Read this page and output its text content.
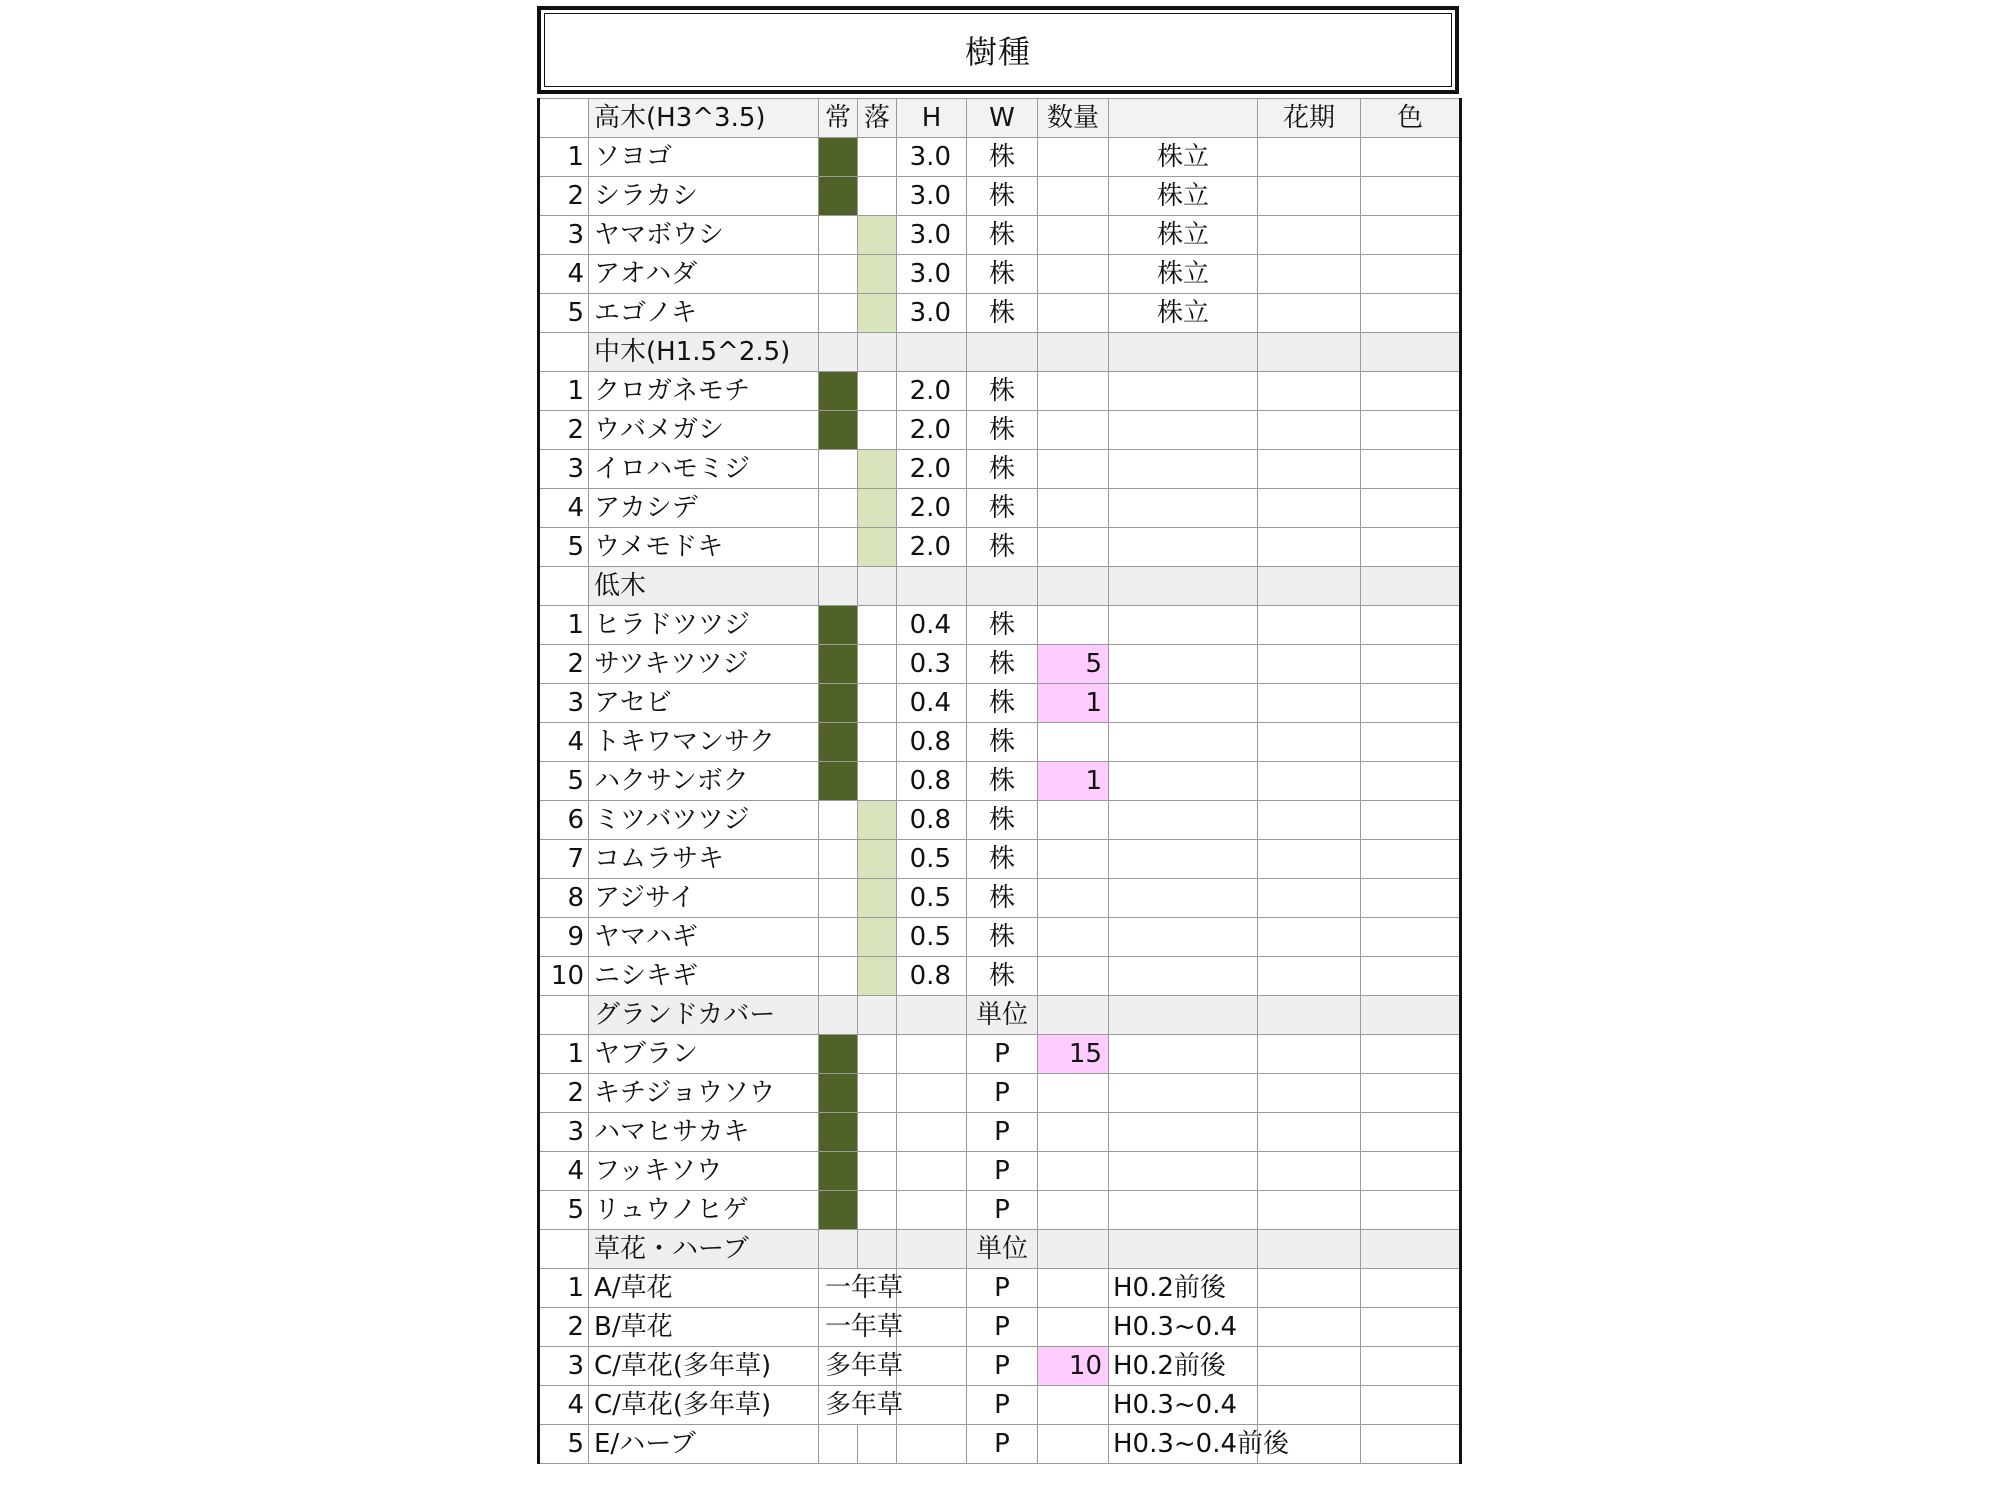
樹種
	高木(H3^3.5)	常	落	H	W	数量		花期	色
1	ソヨゴ			3.0	株		株立		
2	シラカシ			3.0	株		株立		
3	ヤマボウシ			3.0	株		株立		
4	アオハダ			3.0	株		株立		
5	エゴノキ			3.0	株		株立		
	中木(H1.5^2.5)								
1	クロガネモチ			2.0	株				
2	ウバメガシ			2.0	株				
3	イロハモミジ			2.0	株				
4	アカシデ			2.0	株				
5	ウメモドキ			2.0	株				
	低木								
1	ヒラドツツジ			0.4	株				
2	サツキツツジ			0.3	株	5			
3	アセビ			0.4	株	1			
4	トキワマンサク			0.8	株				
5	ハクサンボク			0.8	株	1			
6	ミツバツツジ			0.8	株				
7	コムラサキ			0.5	株				
8	アジサイ			0.5	株				
9	ヤマハギ			0.5	株				
10	ニシキギ			0.8	株				
	グランドカバー				単位				
1	ヤブラン				P	15			
2	キチジョウソウ				P				
3	ハマヒサカキ				P				
4	フッキソウ				P				
5	リュウノヒゲ				P				
	草花・ハーブ				単位				
1	A/草花	一年草			P		H0.2前後		
2	B/草花	一年草			P		H0.3~0.4		
3	C/草花(多年草)	多年草			P	10	H0.2前後		
4	C/草花(多年草)	多年草			P		H0.3~0.4		
5	E/ハーブ				P		H0.3~0.4前後		
